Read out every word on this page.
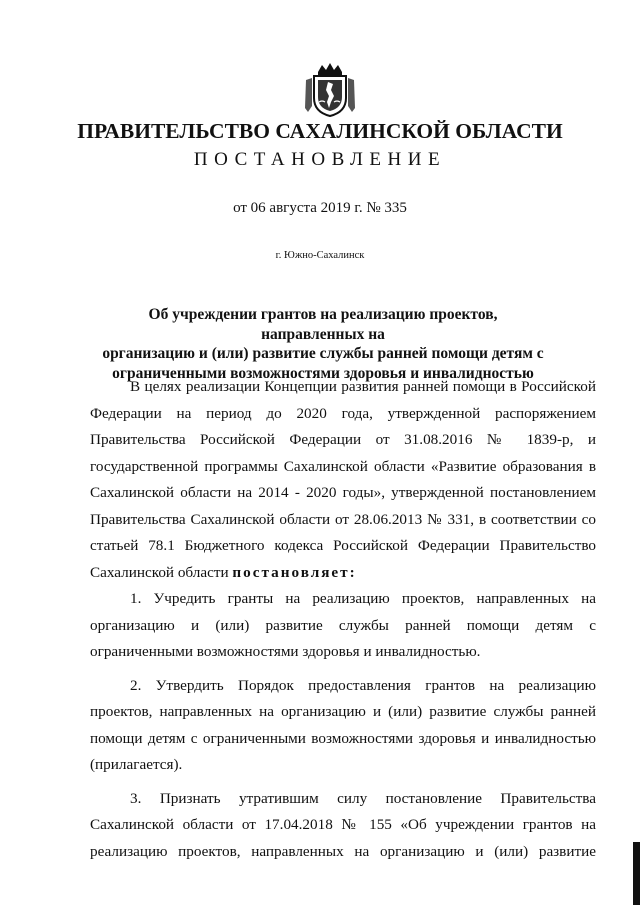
ПРАВИТЕЛЬСТВО САХАЛИНСКОЙ ОБЛАСТИ
ПОСТАНОВЛЕНИЕ
от 06 августа 2019 г. № 335
г. Южно-Сахалинск
Об учреждении грантов на реализацию проектов, направленных на
организацию и (или) развитие службы ранней помощи детям с
ограниченными возможностями здоровья и инвалидностью

В целях реализации Концепции развития ранней помощи в Российской Федерации на период до 2020 года, утвержденной распоряжением Правительства Российской Федерации от 31.08.2016 № 1839-р, и государственной программы Сахалинской области «Развитие образования в Сахалинской области на 2014 - 2020 годы», утвержденной постановлением Правительства Сахалинской области от 28.06.2013 № 331, в соответствии со статьей 78.1 Бюджетного кодекса Российской Федерации Правительство Сахалинской области постановляет:

1. Учредить гранты на реализацию проектов, направленных на организацию и (или) развитие службы ранней помощи детям с ограниченными возможностями здоровья и инвалидностью.

2. Утвердить Порядок предоставления грантов на реализацию проектов, направленных на организацию и (или) развитие службы ранней помощи детям с ограниченными возможностями здоровья и инвалидностью (прилагается).

3. Признать утратившим силу постановление Правительства Сахалинской области от 17.04.2018 № 155 «Об учреждении грантов на реализацию проектов, направленных на организацию и (или) развитие
